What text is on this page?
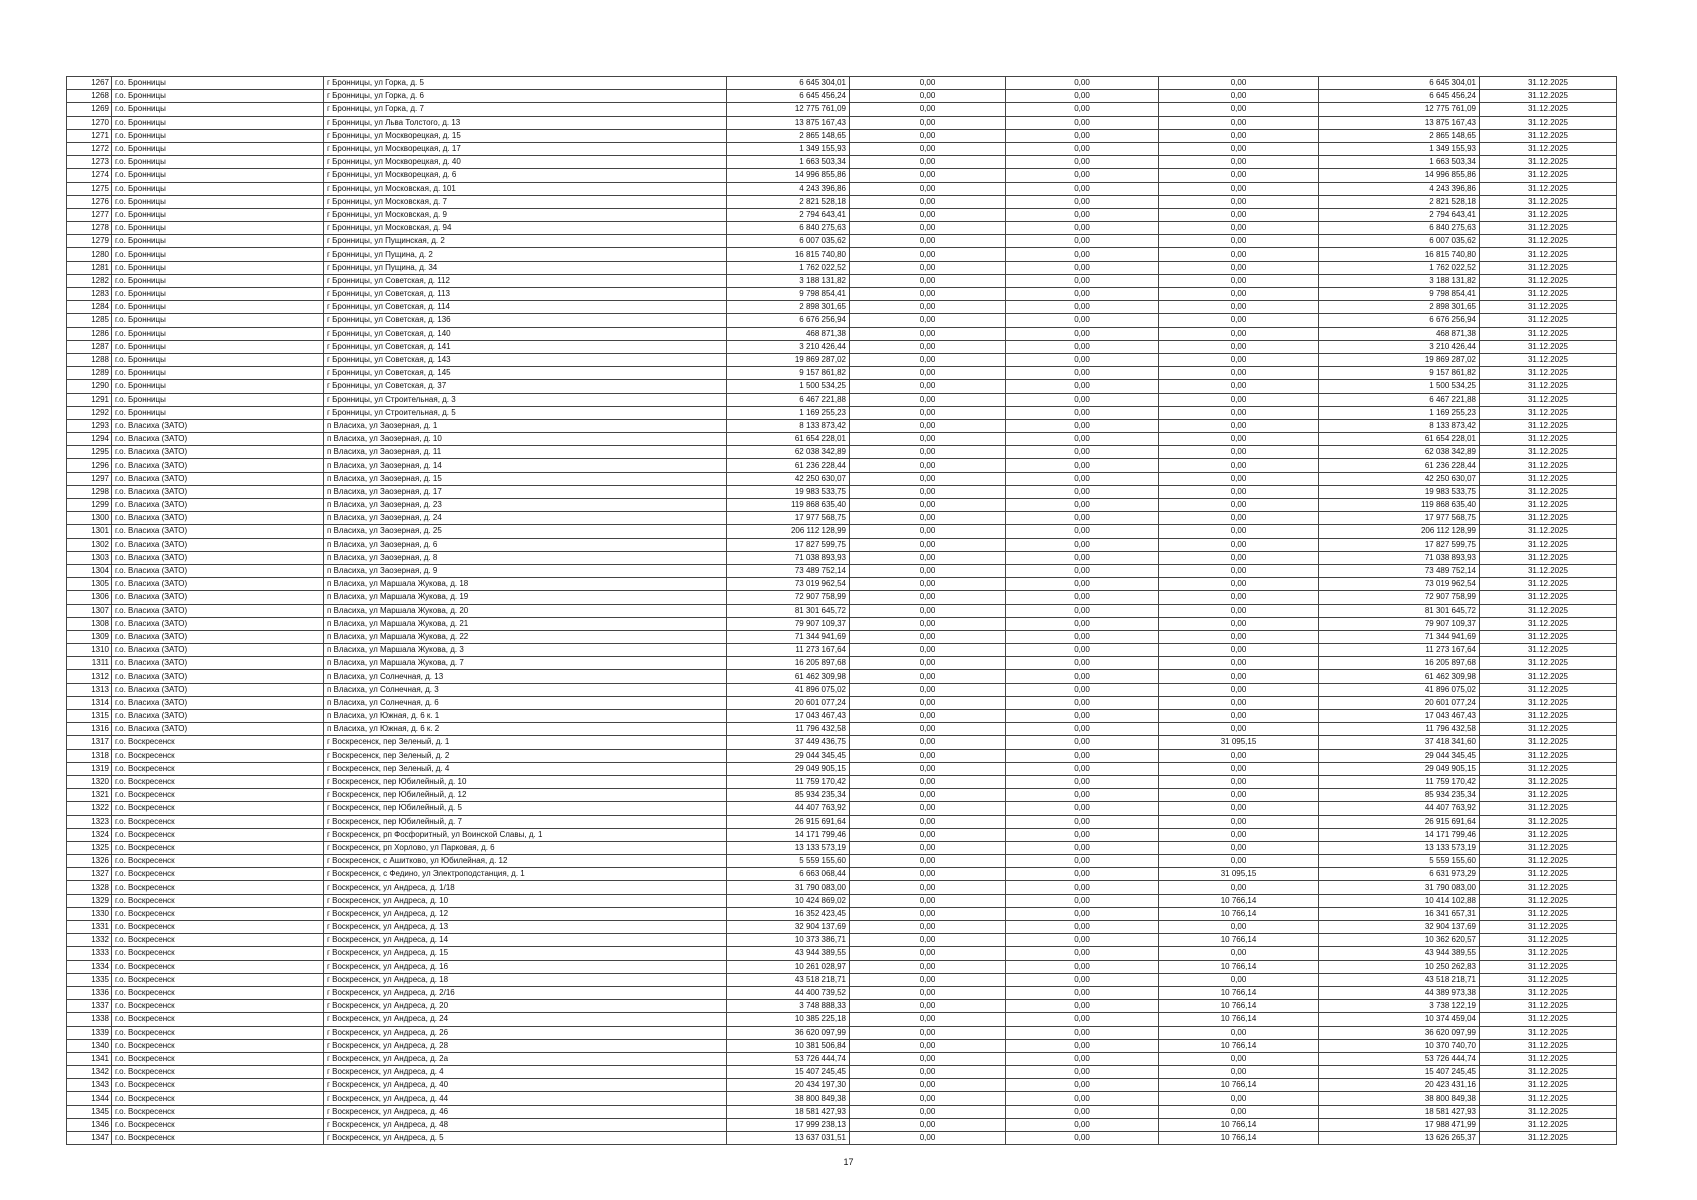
1267	г.о. Бронницы	г Бронницы, ул Горка, д. 5	6 645 304,01	0,00	0,00	0,00	6 645 304,01	31.12.2025
1268	г.о. Бронницы	г Бронницы, ул Горка, д. 6	6 645 456,24	0,00	0,00	0,00	6 645 456,24	31.12.2025
1269	г.о. Бронницы	г Бронницы, ул Горка, д. 7	12 775 761,09	0,00	0,00	0,00	12 775 761,09	31.12.2025
1270	г.о. Бронницы	г Бронницы, ул Льва Толстого, д. 13	13 875 167,43	0,00	0,00	0,00	13 875 167,43	31.12.2025
1271	г.о. Бронницы	г Бронницы, ул Москворецкая, д. 15	2 865 148,65	0,00	0,00	0,00	2 865 148,65	31.12.2025
1272	г.о. Бронницы	г Бронницы, ул Москворецкая, д. 17	1 349 155,93	0,00	0,00	0,00	1 349 155,93	31.12.2025
1273	г.о. Бронницы	г Бронницы, ул Москворецкая, д. 40	1 663 503,34	0,00	0,00	0,00	1 663 503,34	31.12.2025
1274	г.о. Бронницы	г Бронницы, ул Москворецкая, д. 6	14 996 855,86	0,00	0,00	0,00	14 996 855,86	31.12.2025
1275	г.о. Бронницы	г Бронницы, ул Московская, д. 101	4 243 396,86	0,00	0,00	0,00	4 243 396,86	31.12.2025
1276	г.о. Бронницы	г Бронницы, ул Московская, д. 7	2 821 528,18	0,00	0,00	0,00	2 821 528,18	31.12.2025
1277	г.о. Бронницы	г Бронницы, ул Московская, д. 9	2 794 643,41	0,00	0,00	0,00	2 794 643,41	31.12.2025
1278	г.о. Бронницы	г Бронницы, ул Московская, д. 94	6 840 275,63	0,00	0,00	0,00	6 840 275,63	31.12.2025
1279	г.о. Бронницы	г Бронницы, ул Пущинская, д. 2	6 007 035,62	0,00	0,00	0,00	6 007 035,62	31.12.2025
1280	г.о. Бронницы	г Бронницы, ул Пущина, д. 2	16 815 740,80	0,00	0,00	0,00	16 815 740,80	31.12.2025
1281	г.о. Бронницы	г Бронницы, ул Пущина, д. 34	1 762 022,52	0,00	0,00	0,00	1 762 022,52	31.12.2025
1282	г.о. Бронницы	г Бронницы, ул Советская, д. 112	3 188 131,82	0,00	0,00	0,00	3 188 131,82	31.12.2025
1283	г.о. Бронницы	г Бронницы, ул Советская, д. 113	9 798 854,41	0,00	0,00	0,00	9 798 854,41	31.12.2025
1284	г.о. Бронницы	г Бронницы, ул Советская, д. 114	2 898 301,65	0,00	0,00	0,00	2 898 301,65	31.12.2025
1285	г.о. Бронницы	г Бронницы, ул Советская, д. 136	6 676 256,94	0,00	0,00	0,00	6 676 256,94	31.12.2025
1286	г.о. Бронницы	г Бронницы, ул Советская, д. 140	468 871,38	0,00	0,00	0,00	468 871,38	31.12.2025
1287	г.о. Бронницы	г Бронницы, ул Советская, д. 141	3 210 426,44	0,00	0,00	0,00	3 210 426,44	31.12.2025
1288	г.о. Бронницы	г Бронницы, ул Советская, д. 143	19 869 287,02	0,00	0,00	0,00	19 869 287,02	31.12.2025
1289	г.о. Бронницы	г Бронницы, ул Советская, д. 145	9 157 861,82	0,00	0,00	0,00	9 157 861,82	31.12.2025
1290	г.о. Бронницы	г Бронницы, ул Советская, д. 37	1 500 534,25	0,00	0,00	0,00	1 500 534,25	31.12.2025
1291	г.о. Бронницы	г Бронницы, ул Строительная, д. 3	6 467 221,88	0,00	0,00	0,00	6 467 221,88	31.12.2025
1292	г.о. Бронницы	г Бронницы, ул Строительная, д. 5	1 169 255,23	0,00	0,00	0,00	1 169 255,23	31.12.2025
1293	г.о. Власиха (ЗАТО)	п Власиха, ул Заозерная, д. 1	8 133 873,42	0,00	0,00	0,00	8 133 873,42	31.12.2025
1294	г.о. Власиха (ЗАТО)	п Власиха, ул Заозерная, д. 10	61 654 228,01	0,00	0,00	0,00	61 654 228,01	31.12.2025
1295	г.о. Власиха (ЗАТО)	п Власиха, ул Заозерная, д. 11	62 038 342,89	0,00	0,00	0,00	62 038 342,89	31.12.2025
1296	г.о. Власиха (ЗАТО)	п Власиха, ул Заозерная, д. 14	61 236 228,44	0,00	0,00	0,00	61 236 228,44	31.12.2025
1297	г.о. Власиха (ЗАТО)	п Власиха, ул Заозерная, д. 15	42 250 630,07	0,00	0,00	0,00	42 250 630,07	31.12.2025
1298	г.о. Власиха (ЗАТО)	п Власиха, ул Заозерная, д. 17	19 983 533,75	0,00	0,00	0,00	19 983 533,75	31.12.2025
1299	г.о. Власиха (ЗАТО)	п Власиха, ул Заозерная, д. 23	119 868 635,40	0,00	0,00	0,00	119 868 635,40	31.12.2025
1300	г.о. Власиха (ЗАТО)	п Власиха, ул Заозерная, д. 24	17 977 568,75	0,00	0,00	0,00	17 977 568,75	31.12.2025
1301	г.о. Власиха (ЗАТО)	п Власиха, ул Заозерная, д. 25	206 112 128,99	0,00	0,00	0,00	206 112 128,99	31.12.2025
1302	г.о. Власиха (ЗАТО)	п Власиха, ул Заозерная, д. 6	17 827 599,75	0,00	0,00	0,00	17 827 599,75	31.12.2025
1303	г.о. Власиха (ЗАТО)	п Власиха, ул Заозерная, д. 8	71 038 893,93	0,00	0,00	0,00	71 038 893,93	31.12.2025
1304	г.о. Власиха (ЗАТО)	п Власиха, ул Заозерная, д. 9	73 489 752,14	0,00	0,00	0,00	73 489 752,14	31.12.2025
1305	г.о. Власиха (ЗАТО)	п Власиха, ул Маршала Жукова, д. 18	73 019 962,54	0,00	0,00	0,00	73 019 962,54	31.12.2025
1306	г.о. Власиха (ЗАТО)	п Власиха, ул Маршала Жукова, д. 19	72 907 758,99	0,00	0,00	0,00	72 907 758,99	31.12.2025
1307	г.о. Власиха (ЗАТО)	п Власиха, ул Маршала Жукова, д. 20	81 301 645,72	0,00	0,00	0,00	81 301 645,72	31.12.2025
1308	г.о. Власиха (ЗАТО)	п Власиха, ул Маршала Жукова, д. 21	79 907 109,37	0,00	0,00	0,00	79 907 109,37	31.12.2025
1309	г.о. Власиха (ЗАТО)	п Власиха, ул Маршала Жукова, д. 22	71 344 941,69	0,00	0,00	0,00	71 344 941,69	31.12.2025
1310	г.о. Власиха (ЗАТО)	п Власиха, ул Маршала Жукова, д. 3	11 273 167,64	0,00	0,00	0,00	11 273 167,64	31.12.2025
1311	г.о. Власиха (ЗАТО)	п Власиха, ул Маршала Жукова, д. 7	16 205 897,68	0,00	0,00	0,00	16 205 897,68	31.12.2025
1312	г.о. Власиха (ЗАТО)	п Власиха, ул Солнечная, д. 13	61 462 309,98	0,00	0,00	0,00	61 462 309,98	31.12.2025
1313	г.о. Власиха (ЗАТО)	п Власиха, ул Солнечная, д. 3	41 896 075,02	0,00	0,00	0,00	41 896 075,02	31.12.2025
1314	г.о. Власиха (ЗАТО)	п Власиха, ул Солнечная, д. 6	20 601 077,24	0,00	0,00	0,00	20 601 077,24	31.12.2025
1315	г.о. Власиха (ЗАТО)	п Власиха, ул Южная, д. 6 к. 1	17 043 467,43	0,00	0,00	0,00	17 043 467,43	31.12.2025
1316	г.о. Власиха (ЗАТО)	п Власиха, ул Южная, д. 6 к. 2	11 796 432,58	0,00	0,00	0,00	11 796 432,58	31.12.2025
1317	г.о. Воскресенск	г Воскресенск, пер Зеленый, д. 1	37 449 436,75	0,00	0,00	31 095,15	37 418 341,60	31.12.2025
1318	г.о. Воскресенск	г Воскресенск, пер Зеленый, д. 2	29 044 345,45	0,00	0,00	0,00	29 044 345,45	31.12.2025
1319	г.о. Воскресенск	г Воскресенск, пер Зеленый, д. 4	29 049 905,15	0,00	0,00	0,00	29 049 905,15	31.12.2025
1320	г.о. Воскресенск	г Воскресенск, пер Юбилейный, д. 10	11 759 170,42	0,00	0,00	0,00	11 759 170,42	31.12.2025
1321	г.о. Воскресенск	г Воскресенск, пер Юбилейный, д. 12	85 934 235,34	0,00	0,00	0,00	85 934 235,34	31.12.2025
1322	г.о. Воскресенск	г Воскресенск, пер Юбилейный, д. 5	44 407 763,92	0,00	0,00	0,00	44 407 763,92	31.12.2025
1323	г.о. Воскресенск	г Воскресенск, пер Юбилейный, д. 7	26 915 691,64	0,00	0,00	0,00	26 915 691,64	31.12.2025
1324	г.о. Воскресенск	г Воскресенск, рп Фосфоритный, ул Воинской Славы, д. 1	14 171 799,46	0,00	0,00	0,00	14 171 799,46	31.12.2025
1325	г.о. Воскресенск	г Воскресенск, рп Хорлово, ул Парковая, д. 6	13 133 573,19	0,00	0,00	0,00	13 133 573,19	31.12.2025
1326	г.о. Воскресенск	г Воскресенск, с Ашитково, ул Юбилейная, д. 12	5 559 155,60	0,00	0,00	0,00	5 559 155,60	31.12.2025
1327	г.о. Воскресенск	г Воскресенск, с Федино, ул Электроподстанция, д. 1	6 663 068,44	0,00	0,00	31 095,15	6 631 973,29	31.12.2025
1328	г.о. Воскресенск	г Воскресенск, ул Андреса, д. 1/18	31 790 083,00	0,00	0,00	0,00	31 790 083,00	31.12.2025
1329	г.о. Воскресенск	г Воскресенск, ул Андреса, д. 10	10 424 869,02	0,00	0,00	10 766,14	10 414 102,88	31.12.2025
1330	г.о. Воскресенск	г Воскресенск, ул Андреса, д. 12	16 352 423,45	0,00	0,00	10 766,14	16 341 657,31	31.12.2025
1331	г.о. Воскресенск	г Воскресенск, ул Андреса, д. 13	32 904 137,69	0,00	0,00	0,00	32 904 137,69	31.12.2025
1332	г.о. Воскресенск	г Воскресенск, ул Андреса, д. 14	10 373 386,71	0,00	0,00	10 766,14	10 362 620,57	31.12.2025
1333	г.о. Воскресенск	г Воскресенск, ул Андреса, д. 15	43 944 389,55	0,00	0,00	0,00	43 944 389,55	31.12.2025
1334	г.о. Воскресенск	г Воскресенск, ул Андреса, д. 16	10 261 028,97	0,00	0,00	10 766,14	10 250 262,83	31.12.2025
1335	г.о. Воскресенск	г Воскресенск, ул Андреса, д. 18	43 518 218,71	0,00	0,00	0,00	43 518 218,71	31.12.2025
1336	г.о. Воскресенск	г Воскресенск, ул Андреса, д. 2/16	44 400 739,52	0,00	0,00	10 766,14	44 389 973,38	31.12.2025
1337	г.о. Воскресенск	г Воскресенск, ул Андреса, д. 20	3 748 888,33	0,00	0,00	10 766,14	3 738 122,19	31.12.2025
1338	г.о. Воскресенск	г Воскресенск, ул Андреса, д. 24	10 385 225,18	0,00	0,00	10 766,14	10 374 459,04	31.12.2025
1339	г.о. Воскресенск	г Воскресенск, ул Андреса, д. 26	36 620 097,99	0,00	0,00	0,00	36 620 097,99	31.12.2025
1340	г.о. Воскресенск	г Воскресенск, ул Андреса, д. 28	10 381 506,84	0,00	0,00	10 766,14	10 370 740,70	31.12.2025
1341	г.о. Воскресенск	г Воскресенск, ул Андреса, д. 2а	53 726 444,74	0,00	0,00	0,00	53 726 444,74	31.12.2025
1342	г.о. Воскресенск	г Воскресенск, ул Андреса, д. 4	15 407 245,45	0,00	0,00	0,00	15 407 245,45	31.12.2025
1343	г.о. Воскресенск	г Воскресенск, ул Андреса, д. 40	20 434 197,30	0,00	0,00	10 766,14	20 423 431,16	31.12.2025
1344	г.о. Воскресенск	г Воскресенск, ул Андреса, д. 44	38 800 849,38	0,00	0,00	0,00	38 800 849,38	31.12.2025
1345	г.о. Воскресенск	г Воскресенск, ул Андреса, д. 46	18 581 427,93	0,00	0,00	0,00	18 581 427,93	31.12.2025
1346	г.о. Воскресенск	г Воскресенск, ул Андреса, д. 48	17 999 238,13	0,00	0,00	10 766,14	17 988 471,99	31.12.2025
1347	г.о. Воскресенск	г Воскресенск, ул Андреса, д. 5	13 637 031,51	0,00	0,00	10 766,14	13 626 265,37	31.12.2025
17
